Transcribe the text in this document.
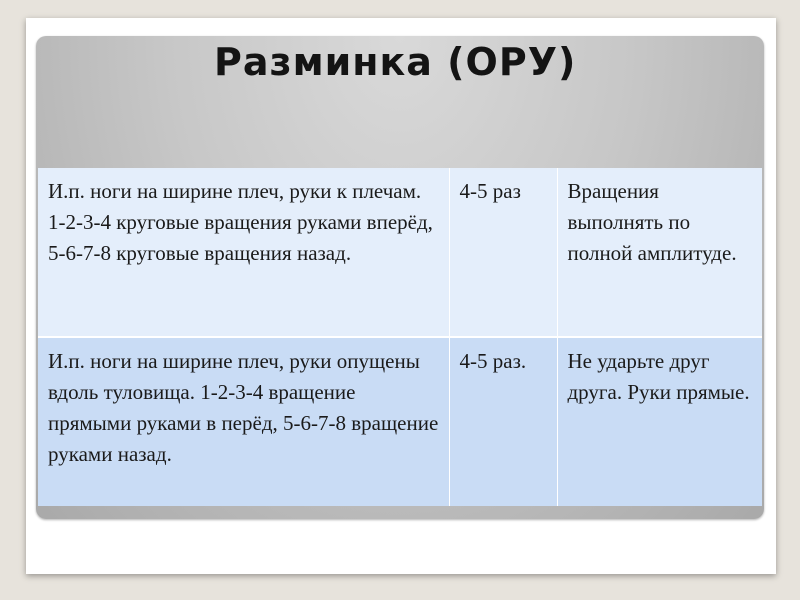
Разминка (ОРУ)
И.п. ноги на ширине плеч, руки к плечам. 1-2-3-4 круговые вращения руками вперёд, 5-6-7-8 круговые вращения назад.	4-5 раз	Вращения выполнять по полной амплитуде.
И.п. ноги на ширине плеч, руки опущены вдоль туловища. 1-2-3-4 вращение прямыми руками в перёд, 5-6-7-8 вращение руками назад.	4-5 раз.	Не ударьте друг друга. Руки прямые.
